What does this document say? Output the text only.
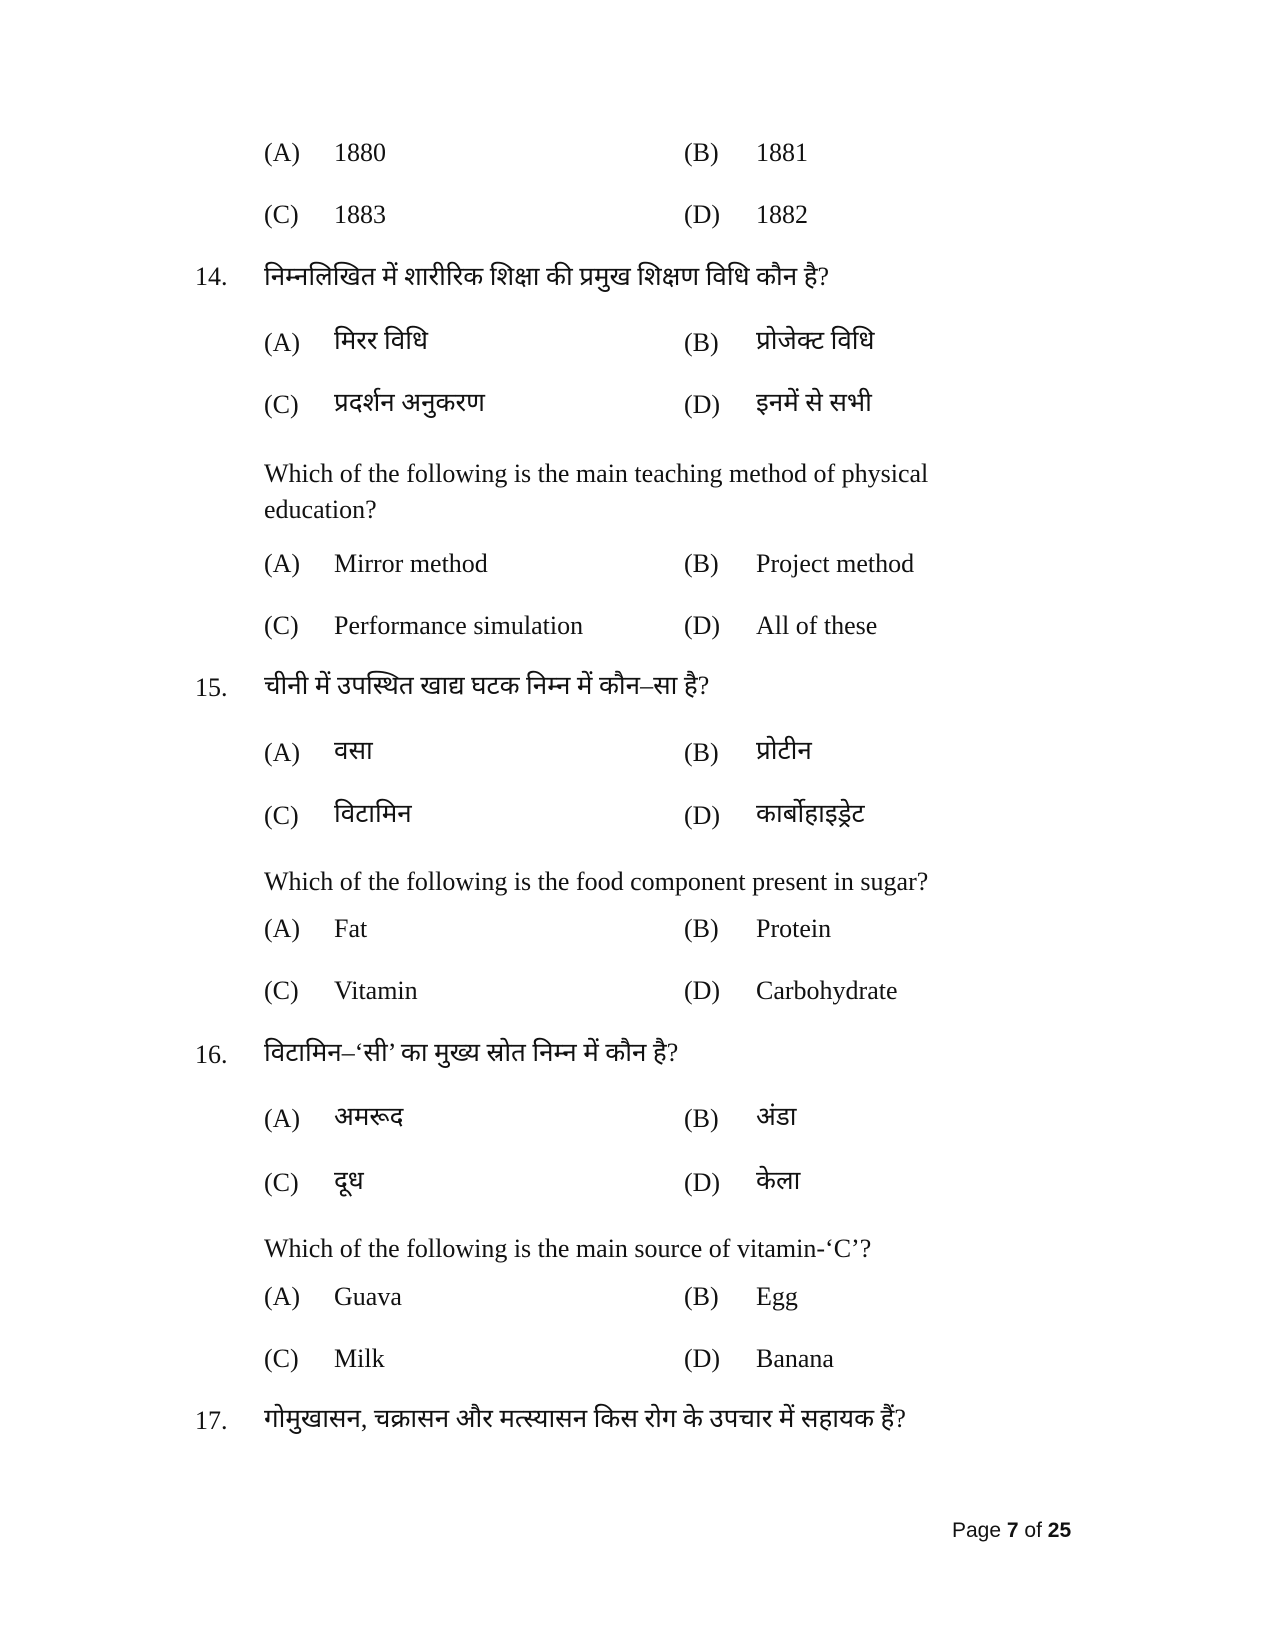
(A) 1880	(B) 1881
(C) 1883	(D) 1882
14. निम्नलिखित में शारीरिक शिक्षा की प्रमुख शिक्षण विधि कौन है?
(A) मिरर विधि	(B) प्रोजेक्ट विधि
(C) प्रदर्शन अनुकरण	(D) इनमें से सभी
Which of the following is the main teaching method of physical education?
(A) Mirror method	(B) Project method
(C) Performance simulation	(D) All of these
15. चीनी में उपस्थित खाद्य घटक निम्न में कौन–सा है?
(A) वसा	(B) प्रोटीन
(C) विटामिन	(D) कार्बोहाइड्रेट
Which of the following is the food component present in sugar?
(A) Fat	(B) Protein
(C) Vitamin	(D) Carbohydrate
16. विटामिन–‘सी’ का मुख्य स्रोत निम्न में कौन है?
(A) अमरूद	(B) अंडा
(C) दूध	(D) केला
Which of the following is the main source of vitamin-‘C’?
(A) Guava	(B) Egg
(C) Milk	(D) Banana
17. गोमुखासन, चक्रासन और मत्स्यासन किस रोग के उपचार में सहायक हैं?
Page 7 of 25
